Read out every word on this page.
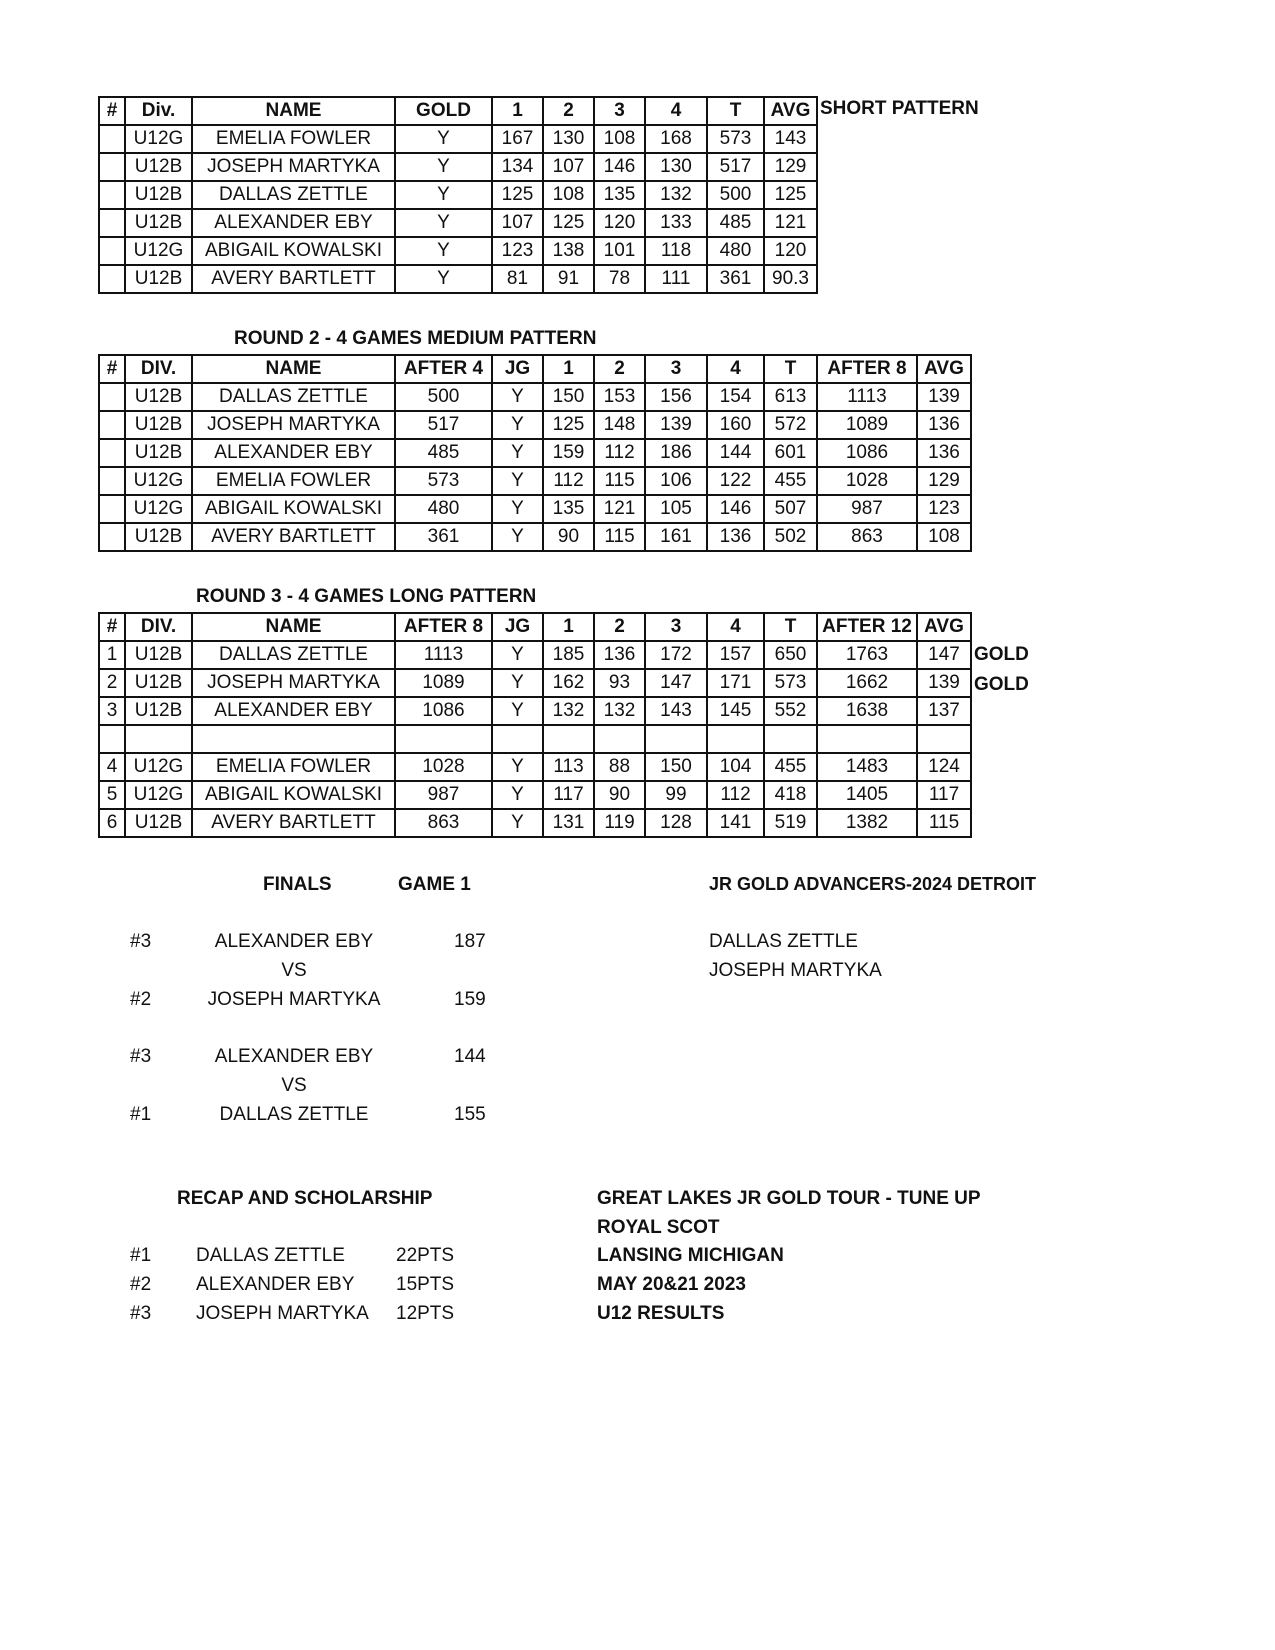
#	Div.	NAME	GOLD	1	2	3	4	T	AVG
	U12G	EMELIA FOWLER	Y	167	130	108	168	573	143
	U12B	JOSEPH MARTYKA	Y	134	107	146	130	517	129
	U12B	DALLAS ZETTLE	Y	125	108	135	132	500	125
	U12B	ALEXANDER EBY	Y	107	125	120	133	485	121
	U12G	ABIGAIL KOWALSKI	Y	123	138	101	118	480	120
	U12B	AVERY BARTLETT	Y	81	91	78	111	361	90.3
SHORT PATTERN
ROUND 2 - 4 GAMES MEDIUM PATTERN
#	DIV.	NAME	AFTER 4	JG	1	2	3	4	T	AFTER 8	AVG
	U12B	DALLAS ZETTLE	500	Y	150	153	156	154	613	1113	139
	U12B	JOSEPH MARTYKA	517	Y	125	148	139	160	572	1089	136
	U12B	ALEXANDER EBY	485	Y	159	112	186	144	601	1086	136
	U12G	EMELIA FOWLER	573	Y	112	115	106	122	455	1028	129
	U12G	ABIGAIL KOWALSKI	480	Y	135	121	105	146	507	987	123
	U12B	AVERY BARTLETT	361	Y	90	115	161	136	502	863	108
ROUND 3 - 4 GAMES LONG PATTERN
#	DIV.	NAME	AFTER 8	JG	1	2	3	4	T	AFTER 12	AVG
1	U12B	DALLAS ZETTLE	1113	Y	185	136	172	157	650	1763	147
2	U12B	JOSEPH MARTYKA	1089	Y	162	93	147	171	573	1662	139
3	U12B	ALEXANDER EBY	1086	Y	132	132	143	145	552	1638	137

4	U12G	EMELIA FOWLER	1028	Y	113	88	150	104	455	1483	124
5	U12G	ABIGAIL KOWALSKI	987	Y	117	90	99	112	418	1405	117
6	U12B	AVERY BARTLETT	863	Y	131	119	128	141	519	1382	115
GOLD
GOLD
FINALS	GAME 1
#3	ALEXANDER EBY	187
VS
#2	JOSEPH MARTYKA	159
#3	ALEXANDER EBY	144
VS
#1	DALLAS ZETTLE	155
JR GOLD ADVANCERS-2024 DETROIT
DALLAS ZETTLE
JOSEPH MARTYKA
RECAP AND SCHOLARSHIP
#1 DALLAS ZETTLE	22PTS
#2 ALEXANDER EBY 15PTS
#3 JOSEPH MARTYKA 12PTS
GREAT LAKES JR GOLD TOUR - TUNE UP
ROYAL SCOT
LANSING MICHIGAN
MAY 20&21 2023
U12 RESULTS
